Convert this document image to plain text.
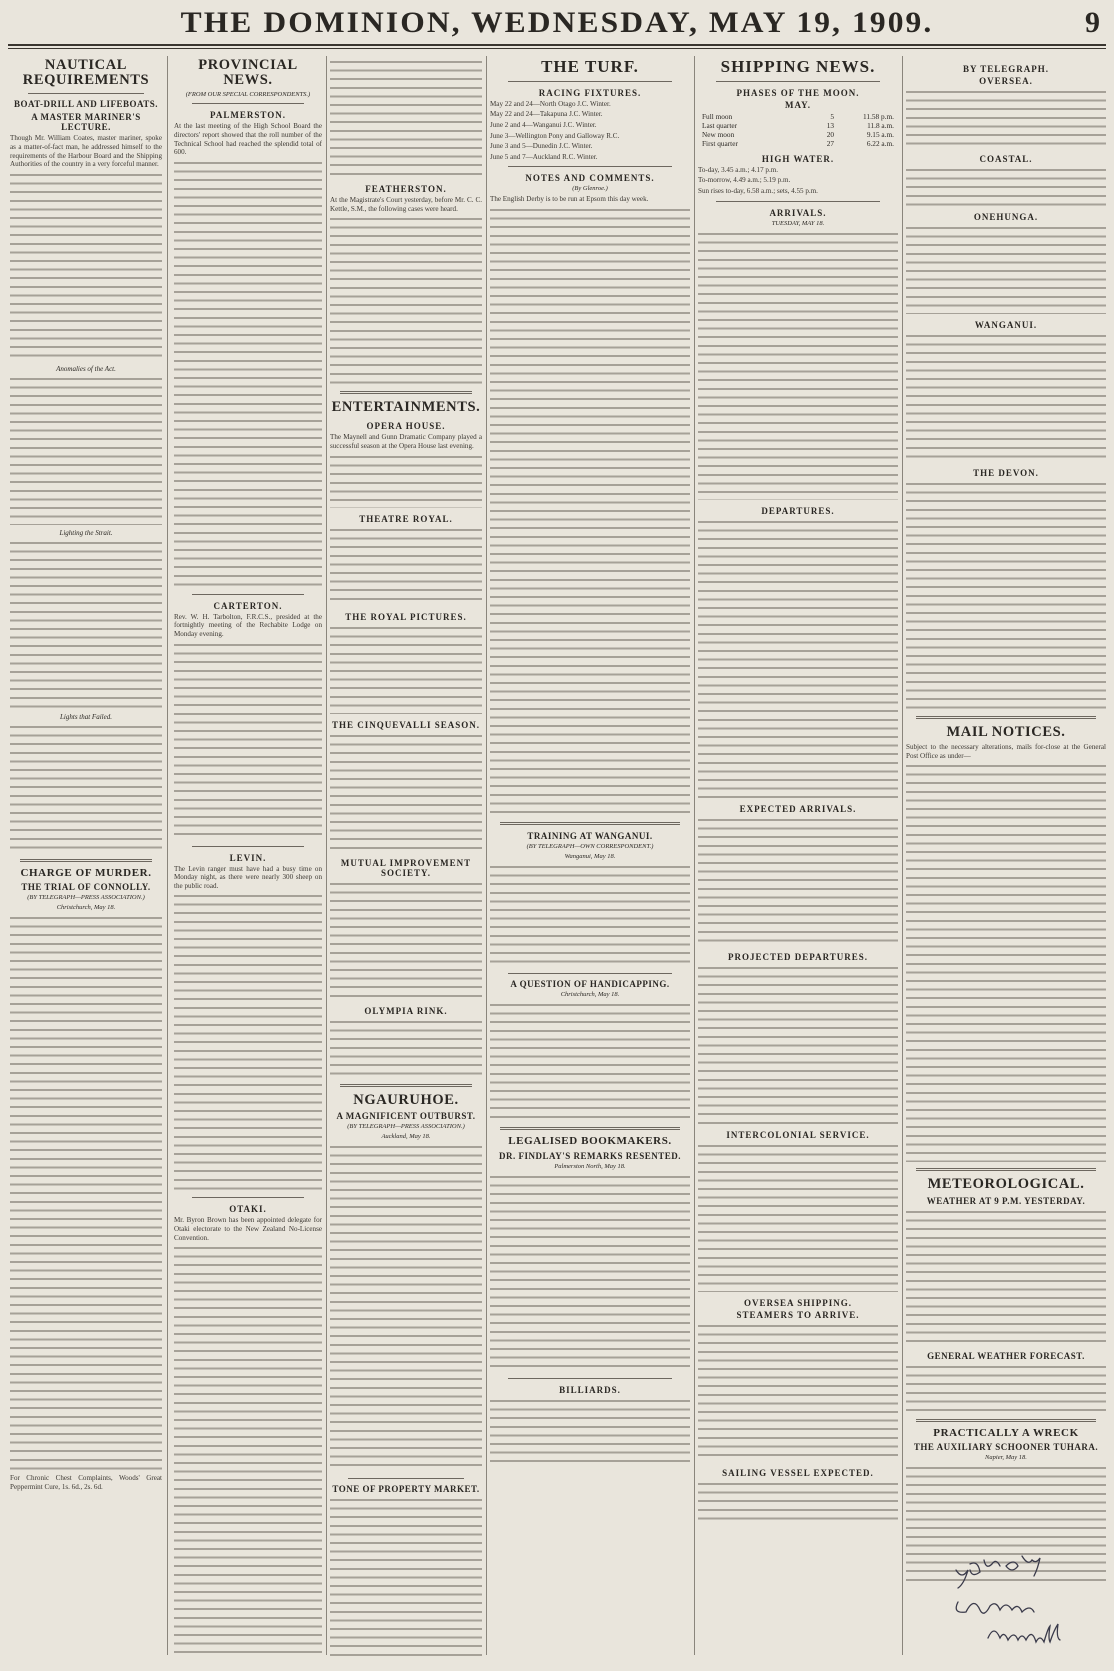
THE DOMINION, WEDNESDAY, MAY 19, 1909.	9
NAUTICAL REQUIREMENTS
BOAT-DRILL AND LIFEBOATS.
A MASTER MARINER'S LECTURE.

Though Mr. William Coates, master mariner, spoke as a matter-of-fact man, he addressed himself to the requirements of the Harbour Board and the Shipping Authorities of the country in a very forceful manner.

Anomalies of the Act.
Lighting the Strait.
Lights that Failed.
CHARGE OF MURDER.
THE TRIAL OF CONNOLLY.
(BY TELEGRAPH—PRESS ASSOCIATION.)
Christchurch, May 18.

For Chronic Chest Complaints, Woods' Great Peppermint Cure, 1s. 6d., 2s. 6d.

PROVINCIAL NEWS.
(FROM OUR SPECIAL CORRESPONDENTS.)
PALMERSTON.

At the last meeting of the High School Board the directors' report showed that the roll number of the Technical School had reached the splendid total of 600.

CARTERTON.

Rev. W. H. Tarbolton, F.R.C.S., presided at the fortnightly meeting of the Rechabite Lodge on Monday evening.

LEVIN.

The Levin ranger must have had a busy time on Monday night, as there were nearly 300 sheep on the public road.

OTAKI.

Mr. Byron Brown has been appointed delegate for Otaki electorate to the New Zealand No-License Convention.

FEATHERSTON.

At the Magistrate's Court yesterday, before Mr. C. C. Kettle, S.M., the following cases were heard.

ENTERTAINMENTS.
OPERA HOUSE.

The Maynell and Gunn Dramatic Company played a successful season at the Opera House last evening.

THEATRE ROYAL.
THE ROYAL PICTURES.
THE CINQUEVALLI SEASON.
MUTUAL IMPROVEMENT SOCIETY.
OLYMPIA RINK.
NGAURUHOE.
A MAGNIFICENT OUTBURST.
(BY TELEGRAPH—PRESS ASSOCIATION.)
Auckland, May 18.
TONE OF PROPERTY MARKET.
THE TURF.
RACING FIXTURES.

May 22 and 24—North Otago J.C. Winter.

May 22 and 24—Takapuna J.C. Winter.

June 2 and 4—Wanganui J.C. Winter.

June 3—Wellington Pony and Galloway R.C.

June 3 and 5—Dunedin J.C. Winter.

June 5 and 7—Auckland R.C. Winter.

NOTES AND COMMENTS.
(By Glenroe.)

The English Derby is to be run at Epsom this day week.

TRAINING AT WANGANUI.
(BY TELEGRAPH—OWN CORRESPONDENT.)
Wanganui, May 18.
A QUESTION OF HANDICAPPING.
Christchurch, May 18.
LEGALISED BOOKMAKERS.
DR. FINDLAY'S REMARKS RESENTED.
Palmerston North, May 18.
BILLIARDS.
SHIPPING NEWS.
PHASES OF THE MOON.
MAY.
Full moon	5	11.58 p.m.
Last quarter	13	11.8 a.m.
New moon	20	9.15 a.m.
First quarter	27	6.22 a.m.
HIGH WATER.

To-day, 3.45 a.m.; 4.17 p.m.

To-morrow, 4.49 a.m.; 5.19 p.m.

Sun rises to-day, 6.58 a.m.; sets, 4.55 p.m.

ARRIVALS.
TUESDAY, MAY 18.
DEPARTURES.
EXPECTED ARRIVALS.
PROJECTED DEPARTURES.
INTERCOLONIAL SERVICE.
OVERSEA SHIPPING.
STEAMERS TO ARRIVE.
SAILING VESSEL EXPECTED.
BY TELEGRAPH.
OVERSEA.
COASTAL.
ONEHUNGA.
WANGANUI.
THE DEVON.
MAIL NOTICES.

Subject to the necessary alterations, mails for-close at the General Post Office as under—

METEOROLOGICAL.
WEATHER AT 9 P.M. YESTERDAY.
GENERAL WEATHER FORECAST.
PRACTICALLY A WRECK
THE AUXILIARY SCHOONER TUHARA.
Napier, May 18.
